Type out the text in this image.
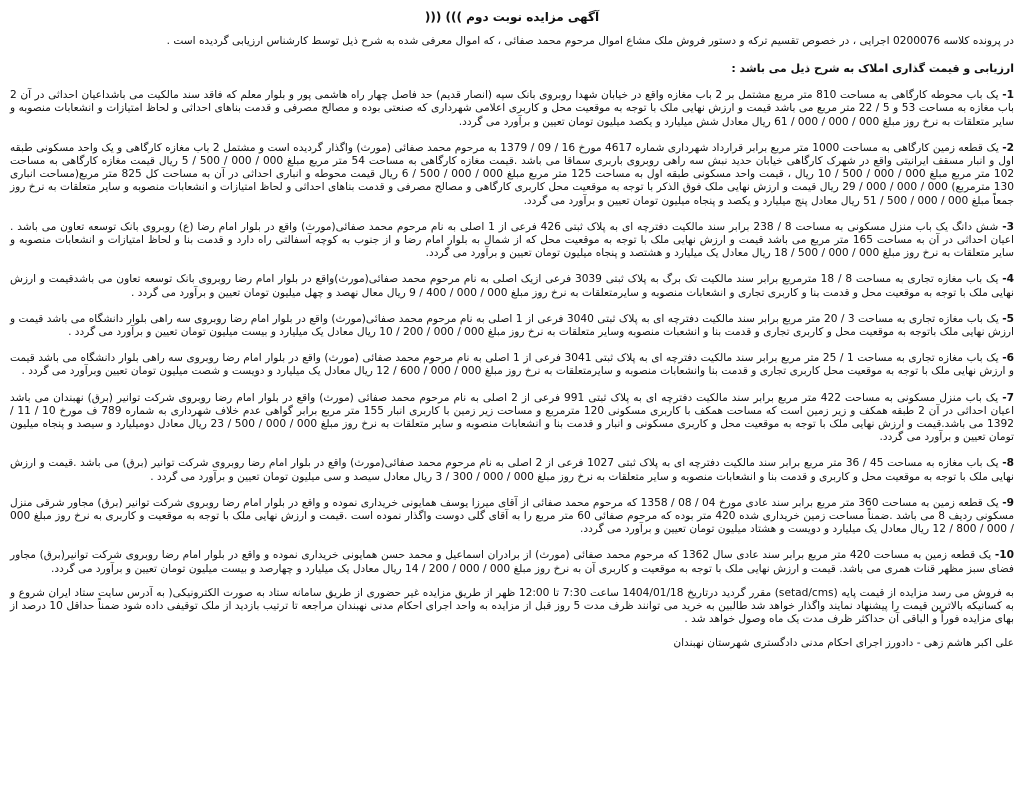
آگهی مزایده نوبت دوم ))) (((

در پرونده کلاسه 0200076 اجرایی ، در خصوص تقسیم ترکه و دستور فروش ملک مشاع اموال مرحوم محمد صفائی ، که اموال معرفی شده به شرح ذیل توسط کارشناس ارزیابی گردیده است .

ارزیابی و قیمت گذاری املاک به شرح ذیل می باشد :
1- یک باب محوطه کارگاهی به مساحت 810 متر مربع مشتمل بر 2 باب مغازه واقع در خیابان شهدا روبروی بانک سپه (انصار قدیم) حد فاصل چهار راه هاشمی پور و بلوار معلم که فاقد سند مالکیت می باشداعیان احداثی در آن 2 باب مغازه به مساحت 53 و 5 / 22 متر مربع می باشد قیمت و ارزش نهایی ملک با توجه به موقعیت محل و کاربری اعلامی شهرداری که صنعتی بوده و مصالح مصرفی و قدمت بناهای احداثی و لحاظ امتیازات و انشعابات منصوبه و سایر متعلقات به نرخ روز مبلغ 000 / 000 / 000 / 61 ریال معادل شش میلیارد و یکصد میلیون تومان تعیین و برآورد می گردد.
2- یک قطعه زمین کارگاهی به مساحت 1000 متر مربع برابر قرارداد شهرداری شماره 4617 مورخ 16 / 09 / 1379 به مرحوم محمد صفائی (مورث) واگذار گردیده است و مشتمل 2 باب مغازه کارگاهی و یک واحد مسکونی طبقه اول و انبار مسقف ایرانیتی واقع در شهرک کارگاهی خیابان حدید نبش سه راهی روبروی باربری سماقا می باشد .قیمت مغازه کارگاهی به مساحت 54 متر مربع مبلغ 000 / 000 / 500 / 5 ریال قیمت مغازه کارگاهی به مساحت 102 متر مربع مبلغ 000 / 000 / 500 / 10 ریال ، قیمت واحد مسکونی طبقه اول به مساحت 125 متر مربع مبلغ 000 / 000 / 500 / 6 ریال قیمت محوطه و انباری احداثی در آن به مساحت کل 825 متر مربع(مساحت انباری 130 مترمربع) 000 / 000 / 000 / 29 ریال قیمت و ارزش نهایی ملک فوق الذکر با توجه به موقعیت محل کاربری کارگاهی و مصالح مصرفی و قدمت بناهای احداثی و لحاظ امتیازات و انشعابات منصوبه و سایر متعلقات به نرخ روز جمعاً مبلغ 000 / 000 / 500 / 51 ریال معادل پنج میلیارد و یکصد و پنجاه میلیون تومان تعیین و برآورد می گردد.
3- شش دانگ یک باب منزل مسکونی به مساحت 8 / 238 برابر سند مالکیت دفترچه ای به پلاک ثبتی 426 فرعی از 1 اصلی به نام مرحوم محمد صفائی(مورث) واقع در بلوار امام رضا (ع) روبروی بانک توسعه تعاون می باشد . اعیان احداثی در آن به مساحت 165 متر مربع می باشد قیمت و ارزش نهایی ملک با توجه به موقعیت محل که از شمال به بلوار امام رضا و از جنوب به کوچه آسفالتی راه دارد و قدمت بنا و لحاظ امتیازات و انشعابات منصوبه و سایر متعلقات به نرخ روز مبلغ 000 / 000 / 500 / 18 ریال معادل یک میلیارد و هشتصد و پنجاه میلیون تومان تعیین و برآورد می گردد.
4- یک باب مغازه تجاری به مساحت 8 / 18 مترمربع برابر سند مالکیت تک برگ به پلاک ثبتی 3039 فرعی ازیک اصلی به نام مرحوم محمد صفائی(مورث)واقع در بلوار امام رضا روبروی بانک توسعه تعاون می باشدقیمت و ارزش نهایی ملک با توجه به موقعیت محل و قدمت بنا و کاربری تجاری و انشعابات منصوبه و سایرمتعلقات به نرخ روز مبلغ 000 / 000 / 400 / 9 ریال معال نهصد و چهل میلیون تومان تعیین و برآورد می گردد .
5- یک باب مغازه تجاری به مساحت 3 / 20 متر مربع برابر سند مالکیت دفترچه ای به پلاک ثبتی 3040 فرعی از 1 اصلی به نام مرحوم محمد صفائی(مورث) واقع در بلوار امام رضا روبروی سه راهی بلوار دانشگاه می باشد قیمت و ارزش نهایی ملک باتوجه به موقعیت محل و کاربری تجاری و قدمت بنا و انشعبات منصوبه وسایر متعلقات به نرخ روز مبلغ 000 / 000 / 200 / 10 ریال معادل یک میلیارد و بیست میلیون تومان تعیین و برآورد می گردد .
6- یک باب مغازه تجاری به مساحت 1 / 25 متر مربع برابر سند مالکیت دفترچه ای به پلاک ثبتی 3041 فرعی از 1 اصلی به نام مرحوم محمد صفائی (مورث) واقع در بلوار امام رضا روبروی سه راهی بلوار دانشگاه می باشد قیمت و ارزش نهایی ملک با توجه به موقعیت محل کاربری تجاری و قدمت بنا وانشعابات منصوبه و سایرمتعلقات به نرخ روز مبلغ 000 / 000 / 600 / 12 ریال معادل یک میلیارد و دویست و شصت میلیون تومان تعیین وبرآورد می گردد .
7- یک باب منزل مسکونی به مساحت 422 متر مربع برابر سند مالکیت دفترچه ای به پلاک ثبتی 991 فرعی از 2 اصلی به نام مرحوم محمد صفائی (مورث) واقع در بلوار امام رضا روبروی شرکت توانیر (برق) نهبندان می باشد اعیان احداثی در آن 2 طبقه همکف و زیر زمین است که مساحت همکف با کاربری مسکونی 120 مترمربع و مساحت زیر زمین با کاربری انبار 155 متر مربع برابر گواهی عدم خلاف شهرداری به شماره 789 ف مورخ 10 / 11 / 1392 می باشد.قیمت و ارزش نهایی ملک با توجه به موقعیت محل و کاربری مسکونی و انبار و قدمت بنا و انشعابات منصوبه و سایر متعلقات به نرخ روز مبلغ 000 / 000 / 500 / 23 ریال معادل دومیلیارد و سیصد و پنجاه میلیون تومان تعیین و برآورد می گردد.
8- یک باب مغازه به مساحت 45 / 36 متر مربع برابر سند مالکیت دفترچه ای به پلاک ثبتی 1027 فرعی از 2 اصلی به نام مرحوم محمد صفائی(مورث) واقع در بلوار امام رضا روبروی شرکت توانیر (برق) می باشد .قیمت و ارزش نهایی ملک با توجه به موقعیت محل و کاربری و قدمت بنا و انشعابات منصوبه و سایر متعلقات به نرخ روز مبلغ 000 / 000 / 300 / 3 ریال معادل سیصد و سی میلیون تومان تعیین و برآورد می گردد .
9- یک قطعه زمین به مساحت 360 متر مربع برابر سند عادی مورخ 04 / 08 / 1358 که مرحوم محمد صفائی از آقای میرزا یوسف همایونی خریداری نموده و واقع در بلوار امام رضا روبروی شرکت توانیر (برق) مجاور شرقی منزل مسکونی ردیف 8 می باشد .ضمناً مساحت زمین خریداری شده 420 متر بوده که مرحوم صفائی 60 متر مربع را به آقای گلی دوست واگذار نموده است .قیمت و ارزش نهایی ملک با توجه به موقعیت و کاربری به نرخ روز مبلغ 000 / 000 / 800 / 12 ریال معادل یک میلیارد و دویست و هشتاد میلیون تومان تعیین و برآورد می گردد.
10- یک قطعه زمین به مساحت 420 متر مربع برابر سند عادی سال 1362 که مرحوم محمد صفائی (مورث) از برادران اسماعیل و محمد حسن همایونی خریداری نموده و واقع در بلوار امام رضا روبروی شرکت توانیر(برق) مجاور فضای سبز مظهر قنات همری می باشد. قیمت و ارزش نهایی ملک با توجه به موقعیت و کاربری آن به نرخ روز مبلغ 000 / 000 / 200 / 14 ریال معادل یک میلیارد و چهارصد و بیست میلیون تومان تعیین و برآورد می گردد.

به فروش می رسد مزایده از قیمت پایه (setad/cms) مقرر گردید درتاریخ 1404/01/18 ساعت 7:30 تا 12:00 ظهر از طریق مزایده غیر حضوری از طریق سامانه ستاد به صورت الکترونیکی( به آدرس سایت ستاد ایران شروع و به کسانیکه بالاترین قیمت را پیشنهاد نمایند واگذار خواهد شد طالبین به خرید می توانند ظرف مدت 5 روز قبل از مزایده به واحد اجرای احکام مدنی نهبندان مراجعه تا ترتیب بازدید از ملک توقیفی داده شود ضمناً حداقل 10 درصد از بهای مزایده فوراً و الباقی آن حداکثر ظرف مدت یک ماه وصول خواهد شد .

علی اکبر هاشم زهی - دادورز اجرای احکام مدنی دادگستری شهرستان نهبندان
